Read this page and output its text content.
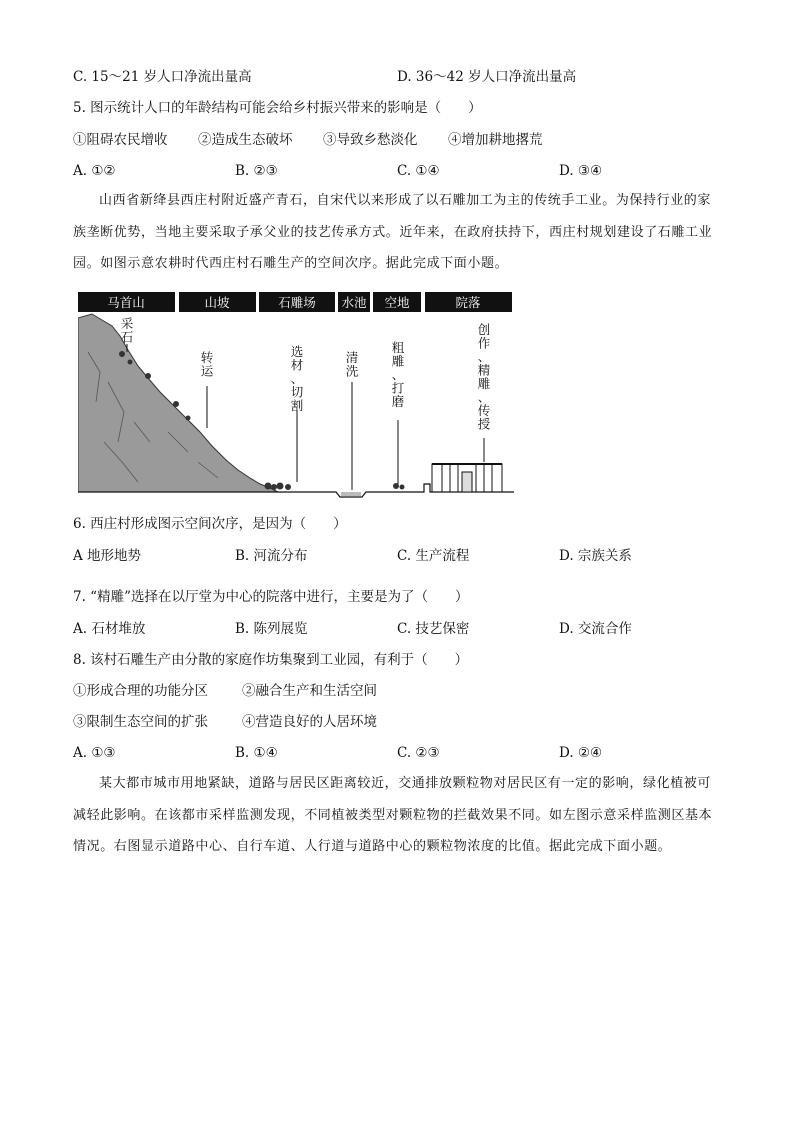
C. 15～21 岁人口净流出量高	D. 36～42 岁人口净流出量高
5. 图示统计人口的年龄结构可能会给乡村振兴带来的影响是（　　）
①阻碍农民增收 ②造成生态破坏 ③导致乡愁淡化 ④增加耕地撂荒
A. ①②	B. ②③	C. ①④	D. ③④
山西省新绛县西庄村附近盛产青石，自宋代以来形成了以石雕加工为主的传统手工业。为保持行业的家族垄断优势，当地主要采取子承父业的技艺传承方式。近年来，在政府扶持下，西庄村规划建设了石雕工业园。如图示意农耕时代西庄村石雕生产的空间次序。据此完成下面小题。
马首山	山坡	石雕场 水池 空地	院落
采石
转运
选材、切割
清洗
粗雕、打磨
创作、精雕、传授
6. 西庄村形成图示空间次序，是因为（　　）
A 地形地势	B. 河流分布	C. 生产流程	D. 宗族关系
7. “精雕”选择在以厅堂为中心的院落中进行，主要是为了（　　）
A. 石材堆放	B. 陈列展览	C. 技艺保密	D. 交流合作
8. 该村石雕生产由分散的家庭作坊集聚到工业园，有利于（　　）
①形成合理的功能分区	②融合生产和生活空间
③限制生态空间的扩张	④营造良好的人居环境
A. ①③	B. ①④	C. ②③	D. ②④
某大都市城市用地紧缺，道路与居民区距离较近，交通排放颗粒物对居民区有一定的影响，绿化植被可减轻此影响。在该都市采样监测发现，不同植被类型对颗粒物的拦截效果不同。如左图示意采样监测区基本情况。右图显示道路中心、自行车道、人行道与道路中心的颗粒物浓度的比值。据此完成下面小题。
